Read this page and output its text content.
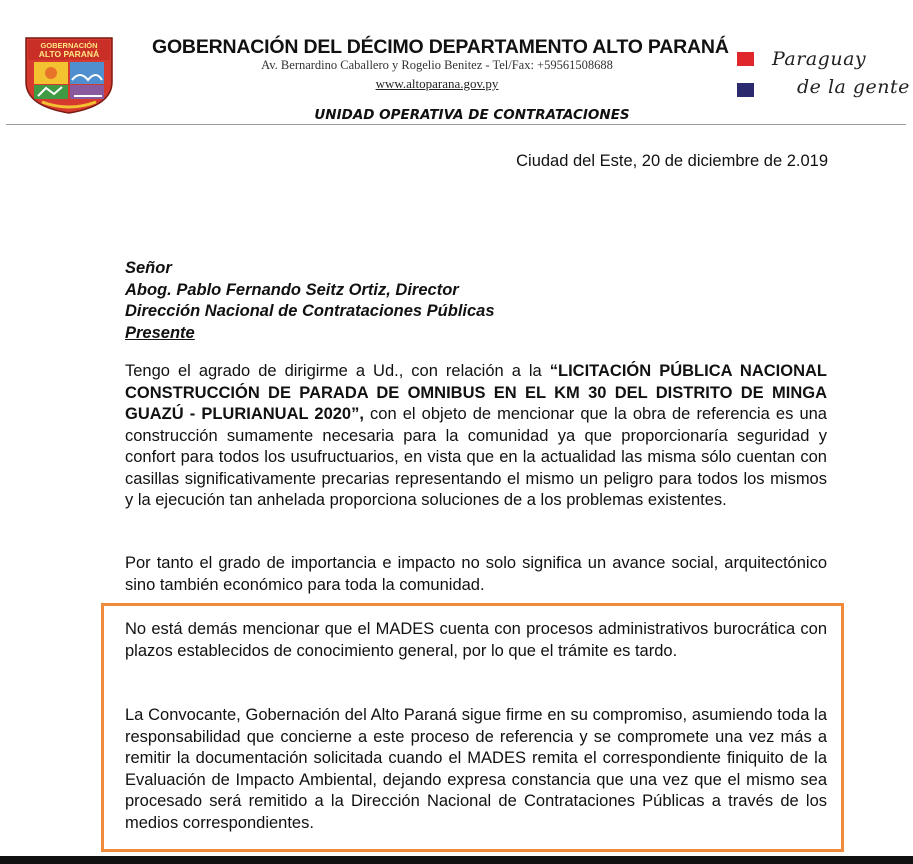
GOBERNACIÓN
ALTO PARANÁ	GOBERNACIÓN DEL DÉCIMO DEPARTAMENTO ALTO PARANÁ
Av. Bernardino Caballero y Rogelio Benitez - Tel/Fax: +59561508688
www.altoparana.gov.py
Paraguay
de la gente
UNIDAD OPERATIVA DE CONTRATACIONES
Ciudad del Este, 20 de diciembre de 2.019
Señor
Abog. Pablo Fernando Seitz Ortiz, Director
Dirección Nacional de Contrataciones Públicas
Presente
Tengo el agrado de dirigirme a Ud., con relación a la “LICITACIÓN PÚBLICA NACIONAL CONSTRUCCIÓN DE PARADA DE OMNIBUS EN EL KM 30 DEL DISTRITO DE MINGA GUAZÚ - PLURIANUAL 2020”, con el objeto de mencionar que la obra de referencia es una construcción sumamente necesaria para la comunidad ya que proporcionaría seguridad y confort para todos los usufructuarios, en vista que en la actualidad las misma sólo cuentan con casillas significativamente precarias representando el mismo un peligro para todos los mismos y la ejecución tan anhelada proporciona soluciones de a los problemas existentes.
Por tanto el grado de importancia e impacto no solo significa un avance social, arquitectónico sino también económico para toda la comunidad.
No está demás mencionar que el MADES cuenta con procesos administrativos burocrática con plazos establecidos de conocimiento general, por lo que el trámite es tardo.
La Convocante, Gobernación del Alto Paraná sigue firme en su compromiso, asumiendo toda la responsabilidad que concierne a este proceso de referencia y se compromete una vez más a remitir la documentación solicitada cuando el MADES remita el correspondiente finiquito de la Evaluación de Impacto Ambiental, dejando expresa constancia que una vez que el mismo sea procesado será remitido a la Dirección Nacional de Contrataciones Públicas a través de los medios correspondientes.
